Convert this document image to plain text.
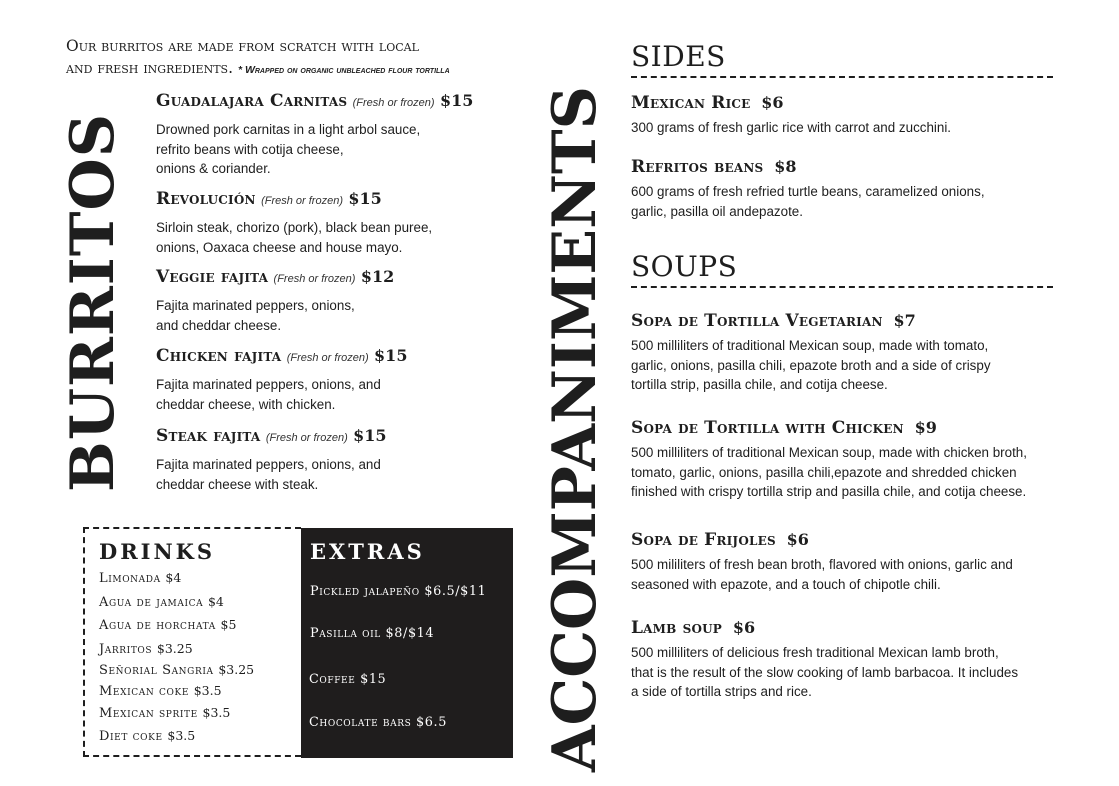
Our burritos are made from scratch with local
and fresh ingredients. * Wrapped on organic unbleached flour tortilla
BURRITOS	ACCOMPANIMENTS
Guadalajara Carnitas (Fresh or frozen) $15
Drowned pork carnitas in a light arbol sauce,
refrito beans with cotija cheese,
onions & coriander.
Revolución (Fresh or frozen) $15
Sirloin steak, chorizo (pork), black bean puree,
onions, Oaxaca cheese and house mayo.
Veggie fajita (Fresh or frozen) $12
Fajita marinated peppers, onions,
and cheddar cheese.
Chicken fajita (Fresh or frozen) $15
Fajita marinated peppers, onions, and
cheddar cheese, with chicken.
Steak fajita (Fresh or frozen) $15
Fajita marinated peppers, onions, and
cheddar cheese with steak.
DRINKS
Limonada $4
Agua de jamaica $4
Agua de horchata $5
Jarritos $3.25
Señorial Sangria $3.25
Mexican coke $3.5
Mexican sprite $3.5
Diet coke $3.5
EXTRAS
Pickled jalapeño $6.5/$11
Pasilla oil $8/$14
Coffee $15
Chocolate bars $6.5
SIDES
Mexican Rice $6
300 grams of fresh garlic rice with carrot and zucchini.
Refritos beans $8
600 grams of fresh refried turtle beans, caramelized onions,
garlic, pasilla oil andepazote.
SOUPS
Sopa de Tortilla Vegetarian $7
500 milliliters of traditional Mexican soup, made with tomato,
garlic, onions, pasilla chili, epazote broth and a side of crispy
tortilla strip, pasilla chile, and cotija cheese.
Sopa de Tortilla with Chicken $9
500 milliliters of traditional Mexican soup, made with chicken broth,
tomato, garlic, onions, pasilla chili,epazote and shredded chicken
finished with crispy tortilla strip and pasilla chile, and cotija cheese.
Sopa de Frijoles $6
500 mililiters of fresh bean broth, flavored with onions, garlic and
seasoned with epazote, and a touch of chipotle chili.
Lamb soup $6
500 milliliters of delicious fresh traditional Mexican lamb broth,
that is the result of the slow cooking of lamb barbacoa. It includes
a side of tortilla strips and rice.
